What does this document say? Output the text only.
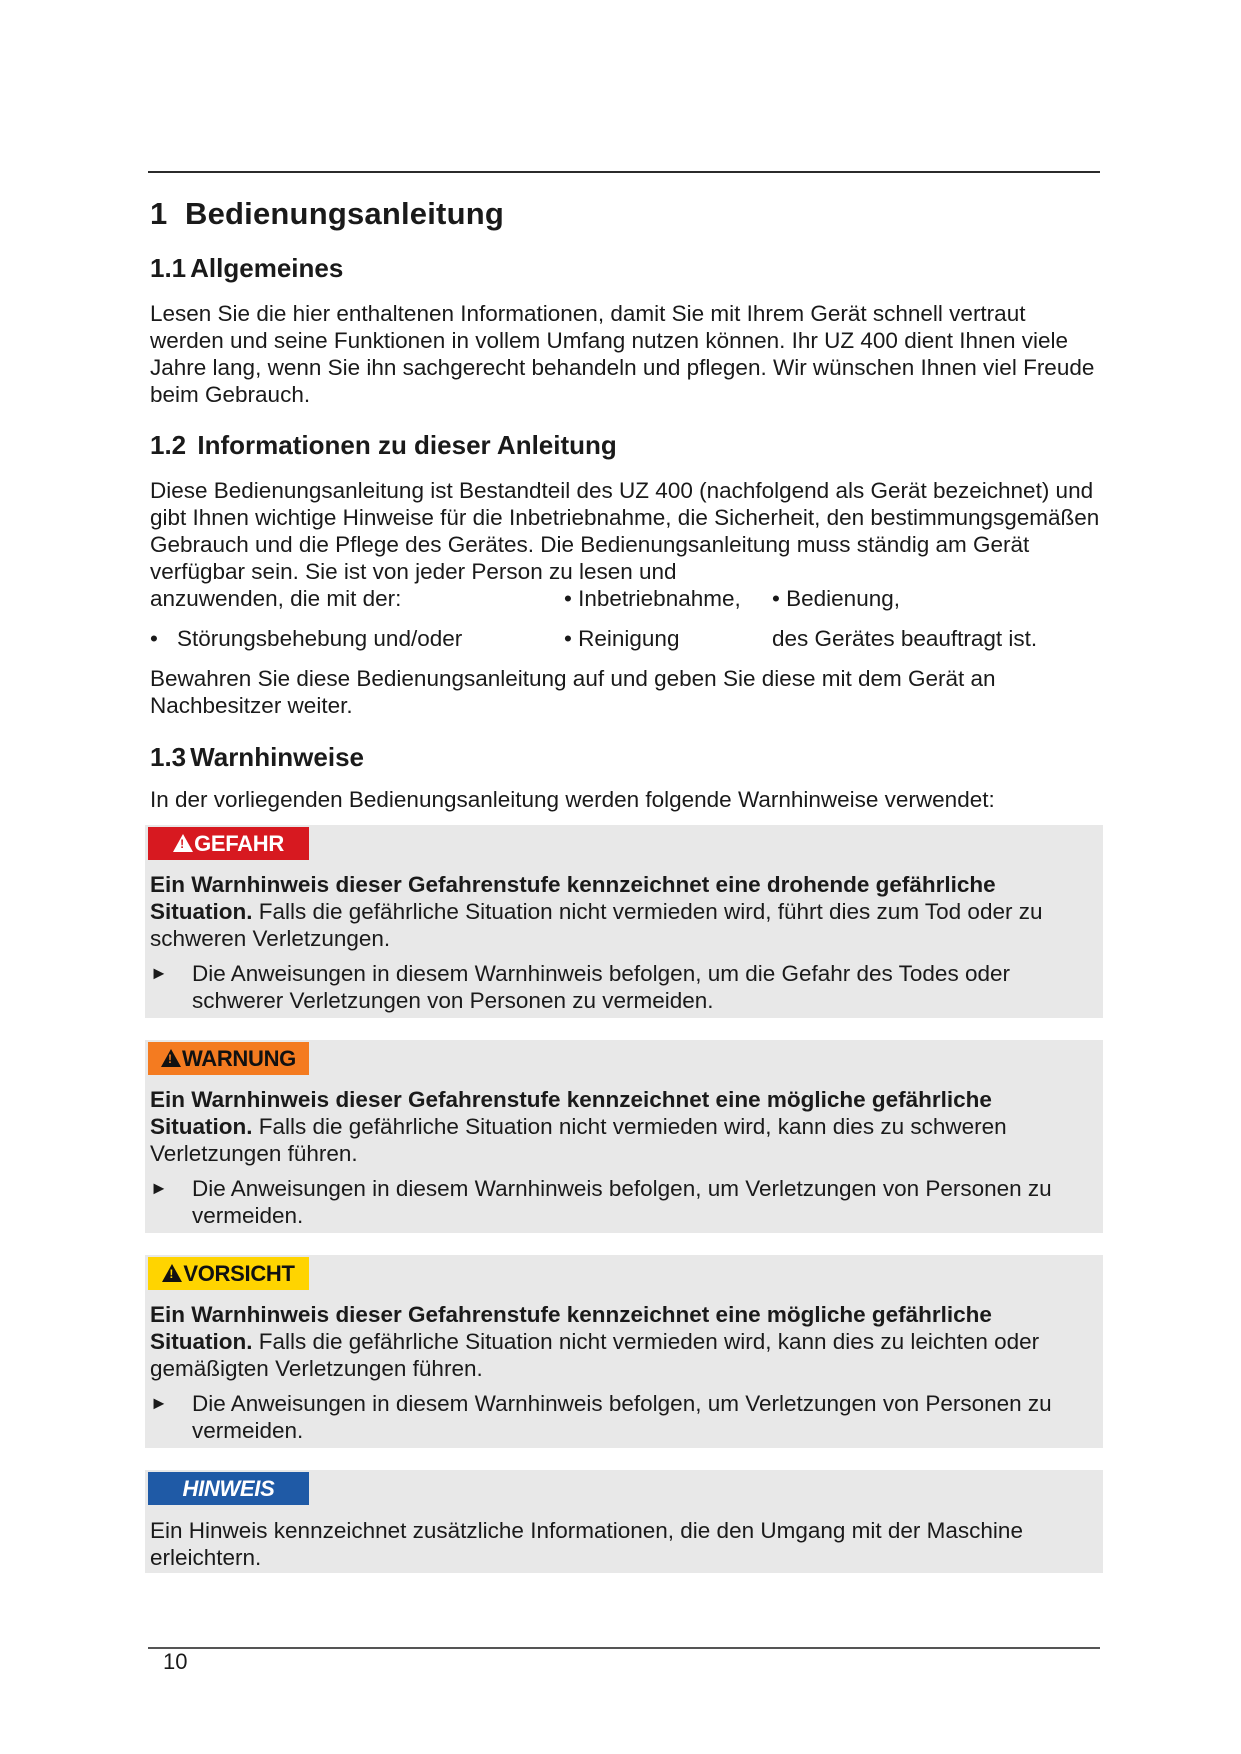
1 Bedienungsanleitung
1.1 Allgemeines
Lesen Sie die hier enthaltenen Informationen, damit Sie mit Ihrem Gerät schnell vertraut werden und seine Funktionen in vollem Umfang nutzen können. Ihr UZ 400 dient Ihnen viele Jahre lang, wenn Sie ihn sachgerecht behandeln und pflegen. Wir wünschen Ihnen viel Freude beim Gebrauch.
1.2 Informationen zu dieser Anleitung
Diese Bedienungsanleitung ist Bestandteil des UZ 400 (nachfolgend als Gerät bezeichnet) und gibt Ihnen wichtige Hinweise für die Inbetriebnahme, die Sicherheit, den bestimmungsgemäßen Gebrauch und die Pflege des Gerätes. Die Bedienungsanleitung muss ständig am Gerät verfügbar sein. Sie ist von jeder Person zu lesen und
anzuwenden, die mit der:	• Inbetriebnahme, • Bedienung,
• Störungsbehebung und/oder	• Reinigung	des Gerätes beauftragt ist.
Bewahren Sie diese Bedienungsanleitung auf und geben Sie diese mit dem Gerät an Nachbesitzer weiter.
1.3 Warnhinweise
In der vorliegenden Bedienungsanleitung werden folgende Warnhinweise verwendet:
!GEFAHR
Ein Warnhinweis dieser Gefahrenstufe kennzeichnet eine drohende gefährliche Situation. Falls die gefährliche Situation nicht vermieden wird, führt dies zum Tod oder zu schweren Verletzungen.
► Die Anweisungen in diesem Warnhinweis befolgen, um die Gefahr des Todes oder schwerer Verletzungen von Personen zu vermeiden.
!WARNUNG
Ein Warnhinweis dieser Gefahrenstufe kennzeichnet eine mögliche gefährliche Situation. Falls die gefährliche Situation nicht vermieden wird, kann dies zu schweren Verletzungen führen.
► Die Anweisungen in diesem Warnhinweis befolgen, um Verletzungen von Personen zu vermeiden.
!VORSICHT
Ein Warnhinweis dieser Gefahrenstufe kennzeichnet eine mögliche gefährliche Situation. Falls die gefährliche Situation nicht vermieden wird, kann dies zu leichten oder gemäßigten Verletzungen führen.
► Die Anweisungen in diesem Warnhinweis befolgen, um Verletzungen von Personen zu vermeiden.
HINWEIS
Ein Hinweis kennzeichnet zusätzliche Informationen, die den Umgang mit der Maschine erleichtern.
10
